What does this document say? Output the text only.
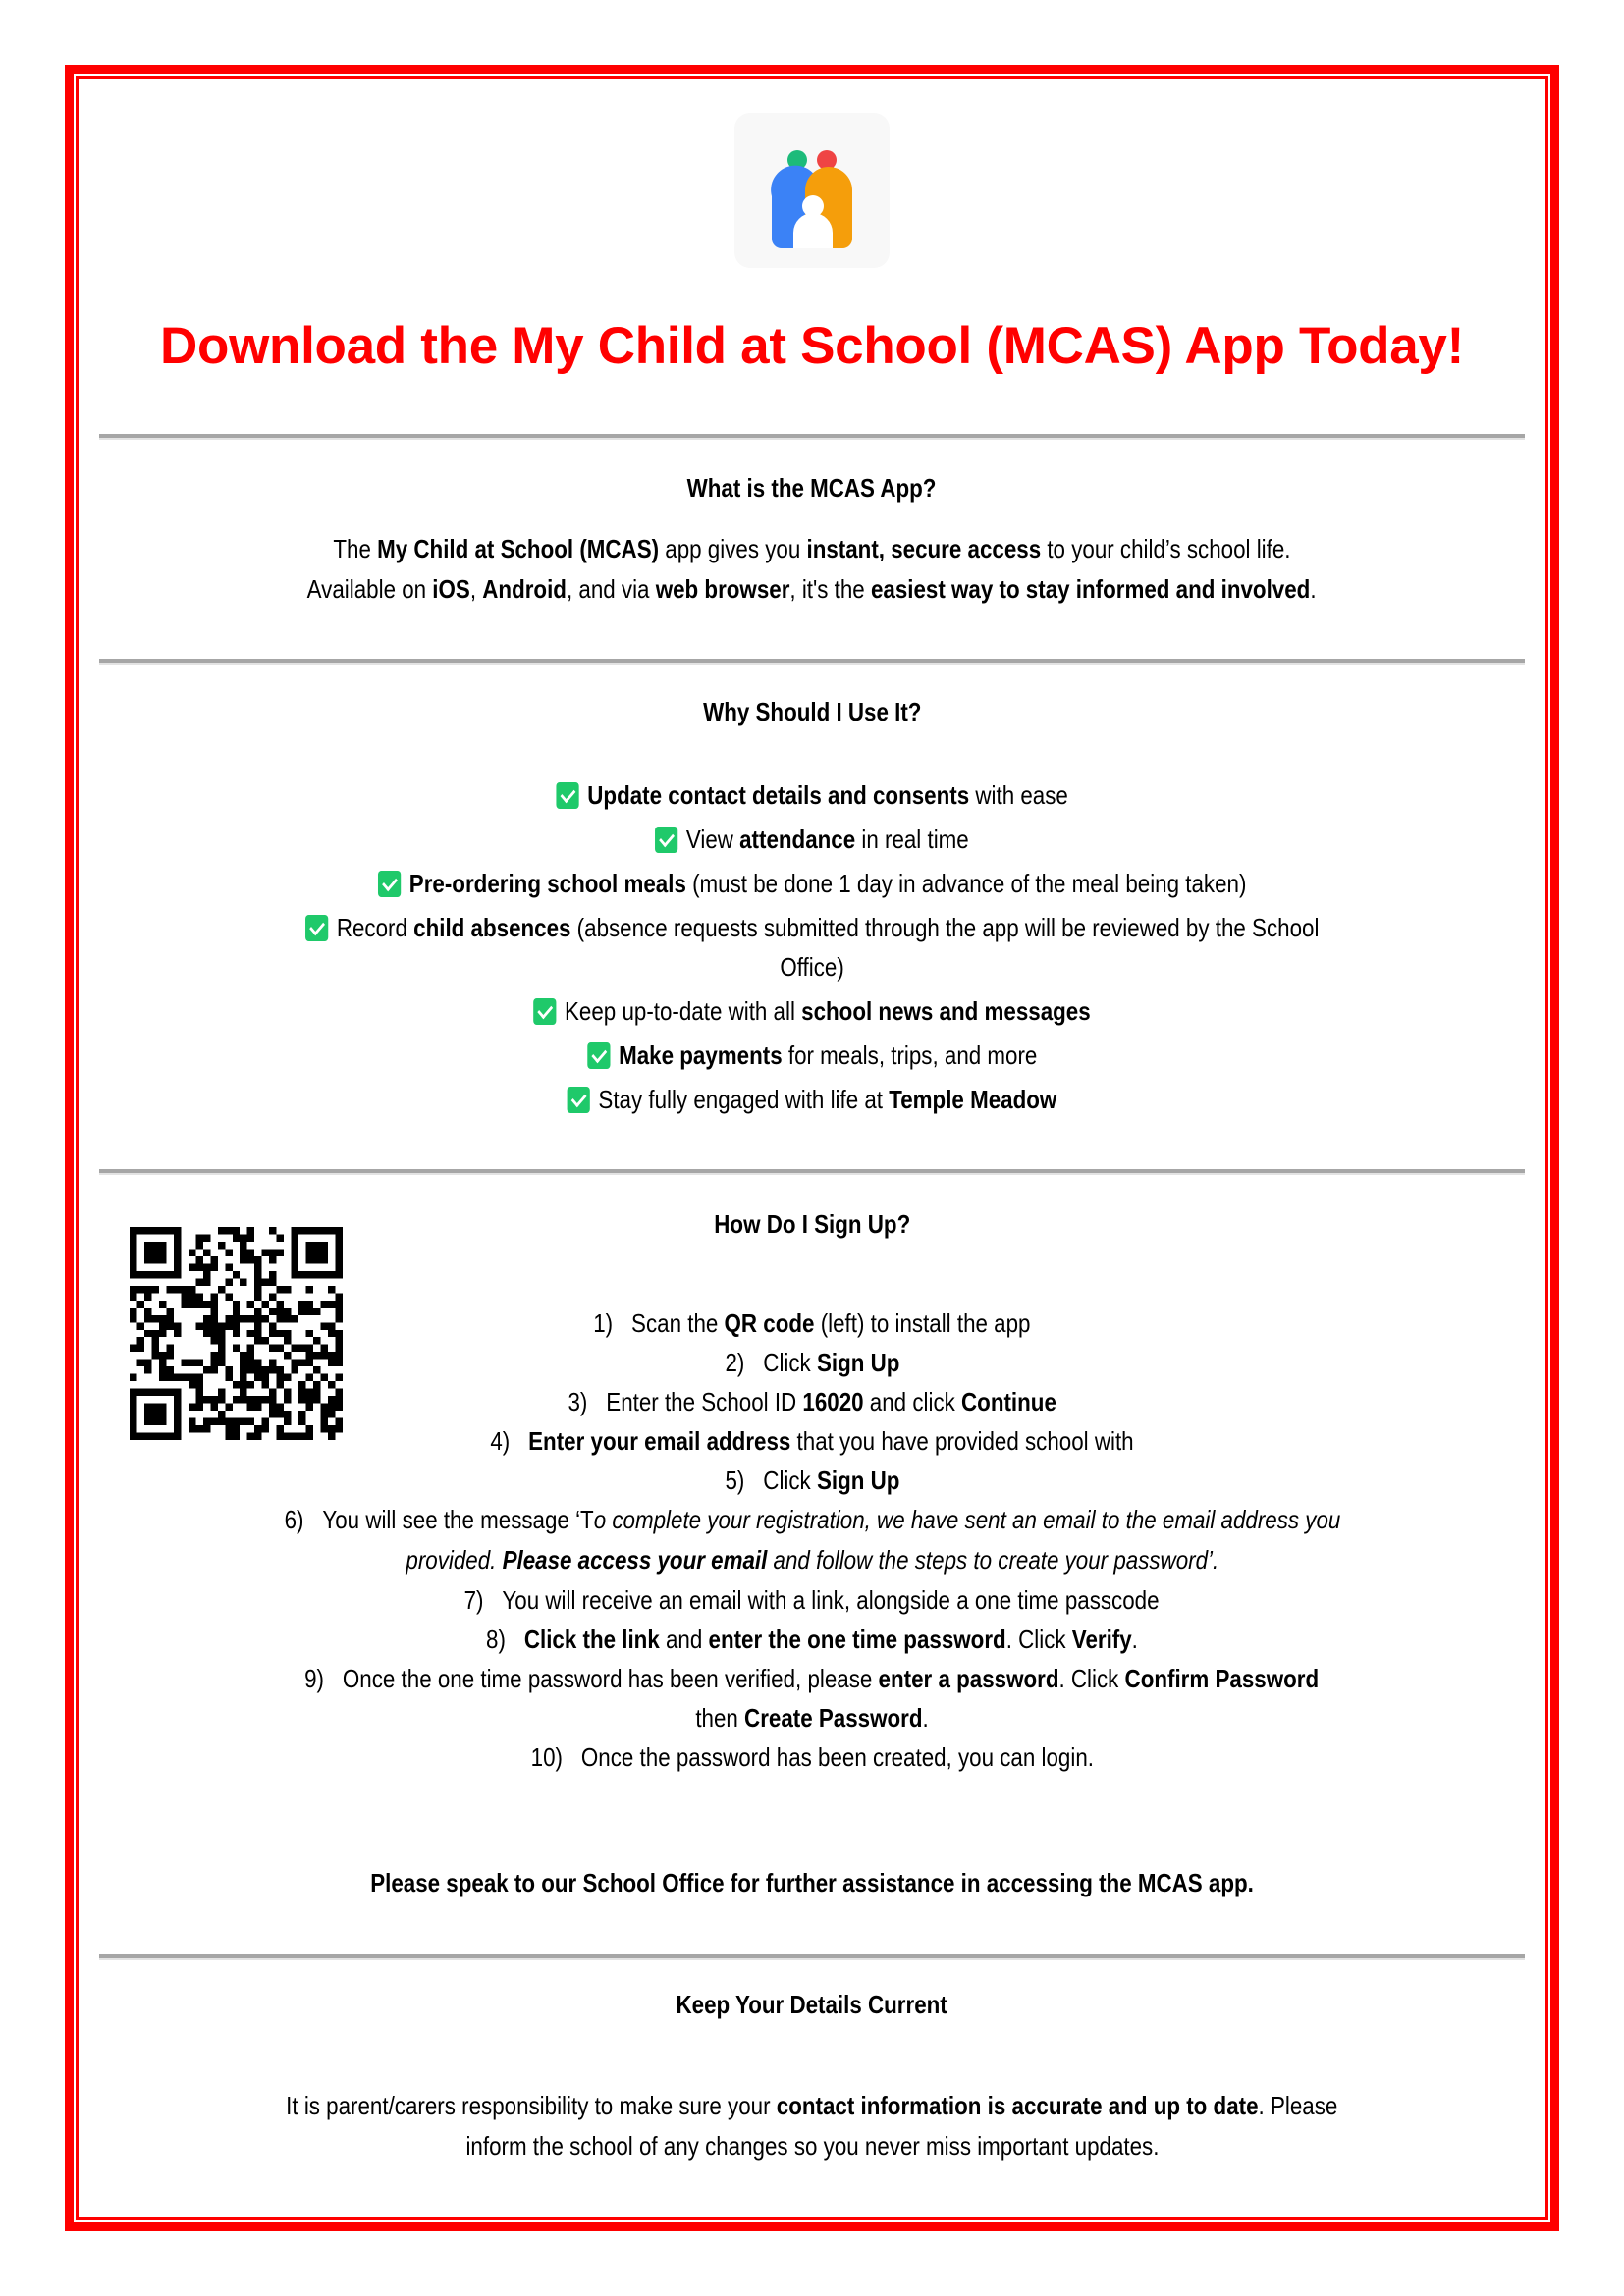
Download the My Child at School (MCAS) App Today!
What is the MCAS App?
The My Child at School (MCAS) app gives you instant, secure access to your child’s school life.
Available on iOS, Android, and via web browser, it's the easiest way to stay informed and involved.
Why Should I Use It?
Update contact details and consents with ease
View attendance in real time
Pre-ordering school meals (must be done 1 day in advance of the meal being taken)
Record child absences (absence requests submitted through the app will be reviewed by the School
Office)
Keep up-to-date with all school news and messages
Make payments for meals, trips, and more
Stay fully engaged with life at Temple Meadow
How Do I Sign Up?
1) Scan the QR code (left) to install the app
2) Click Sign Up
3) Enter the School ID 16020 and click Continue
4) Enter your email address that you have provided school with
5) Click Sign Up
6) You will see the message ‘To complete your registration, we have sent an email to the email address you
provided. Please access your email and follow the steps to create your password’.
7) You will receive an email with a link, alongside a one time passcode
8) Click the link and enter the one time password. Click Verify.
9) Once the one time password has been verified, please enter a password. Click Confirm Password
then Create Password.
10) Once the password has been created, you can login.
Please speak to our School Office for further assistance in accessing the MCAS app.
Keep Your Details Current
It is parent/carers responsibility to make sure your contact information is accurate and up to date. Please
inform the school of any changes so you never miss important updates.
